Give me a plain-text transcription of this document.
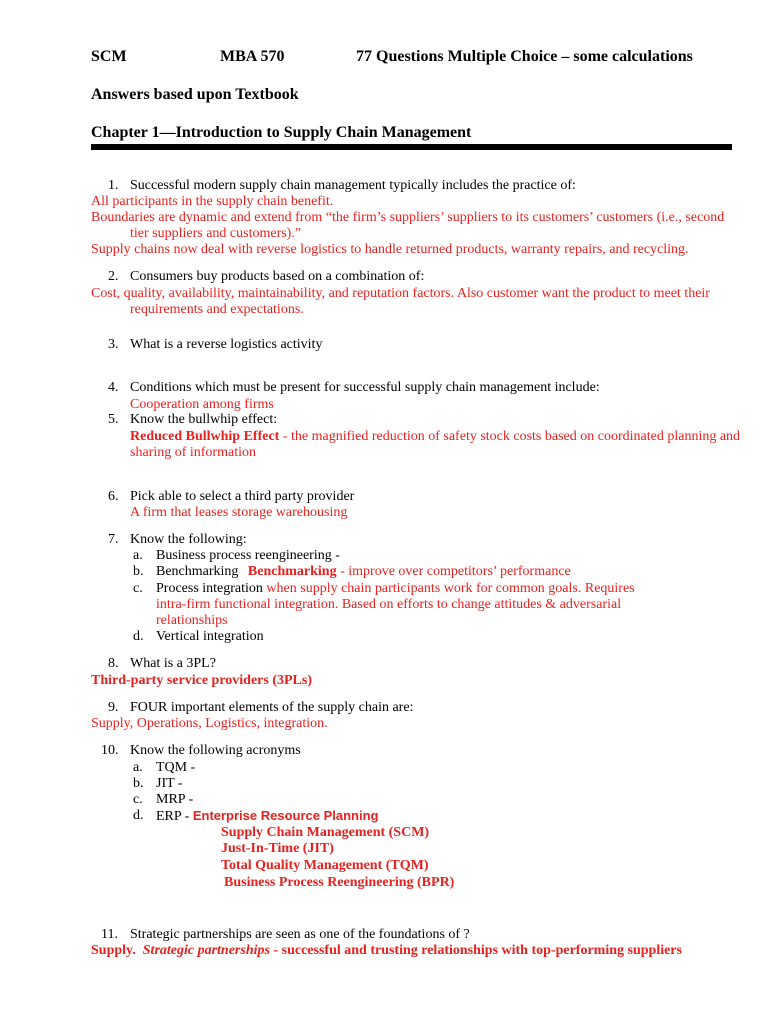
SCM	MBA 570	77 Questions Multiple Choice – some calculations
Answers based upon Textbook
Chapter 1—Introduction to Supply Chain Management
1. Successful modern supply chain management typically includes the practice of:
All participants in the supply chain benefit.
Boundaries are dynamic and extend from “the firm’s suppliers’ suppliers to its customers’ customers (i.e., second
tier suppliers and customers).”
Supply chains now deal with reverse logistics to handle returned products, warranty repairs, and recycling.
2. Consumers buy products based on a combination of:
Cost, quality, availability, maintainability, and reputation factors. Also customer want the product to meet their
requirements and expectations.
3. What is a reverse logistics activity
4. Conditions which must be present for successful supply chain management include:
Cooperation among firms
5. Know the bullwhip effect:
Reduced Bullwhip Effect - the magnified reduction of safety stock costs based on coordinated planning and
sharing of information
6. Pick able to select a third party provider
A firm that leases storage warehousing
7. Know the following:
a. Business process reengineering -
b. Benchmarking Benchmarking - improve over competitors’ performance
c. Process integration when supply chain participants work for common goals. Requires
intra-firm functional integration. Based on efforts to change attitudes & adversarial
relationships
d. Vertical integration
8. What is a 3PL?
Third-party service providers (3PLs)
9. FOUR important elements of the supply chain are:
Supply, Operations, Logistics, integration.
10. Know the following acronyms
a. TQM -
b. JIT -
c. MRP -
d. ERP - Enterprise Resource Planning
Supply Chain Management (SCM)
Just-In-Time (JIT)
Total Quality Management (TQM)
Business Process Reengineering (BPR)
11. Strategic partnerships are seen as one of the foundations of ?
Supply. Strategic partnerships - successful and trusting relationships with top-performing suppliers
